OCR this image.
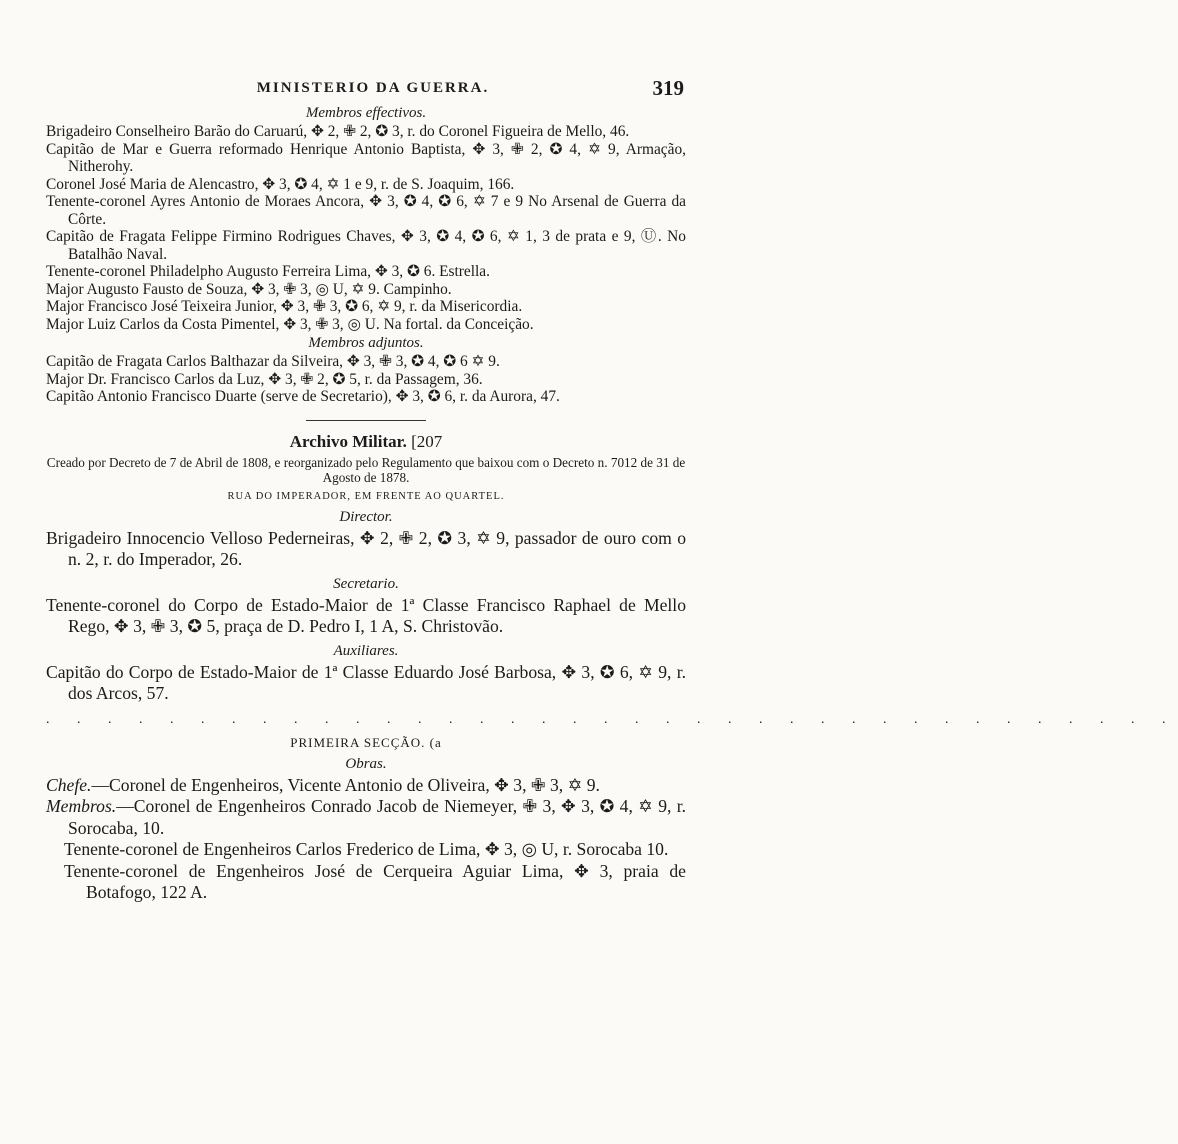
MINISTERIO DA GUERRA.	319

Membros effectivos.

Brigadeiro Conselheiro Barão do Caruarú, ✥ 2, ✙ 2, ✪ 3, r. do Coronel Figueira de Mello, 46.

Capitão de Mar e Guerra reformado Henrique Antonio Baptista, ✥ 3, ✙ 2, ✪ 4, ✡ 9, Armação, Nitherohy.

Coronel José Maria de Alencastro, ✥ 3, ✪ 4, ✡ 1 e 9, r. de S. Joaquim, 166.

Tenente-coronel Ayres Antonio de Moraes Ancora, ✥ 3, ✪ 4, ✪ 6, ✡ 7 e 9 No Arsenal de Guerra da Côrte.

Capitão de Fragata Felippe Firmino Rodrigues Chaves, ✥ 3, ✪ 4, ✪ 6, ✡ 1, 3 de prata e 9, Ⓤ. No Batalhão Naval.

Tenente-coronel Philadelpho Augusto Ferreira Lima, ✥ 3, ✪ 6. Estrella.

Major Augusto Fausto de Souza, ✥ 3, ✙ 3, ◎ U, ✡ 9. Campinho.

Major Francisco José Teixeira Junior, ✥ 3, ✙ 3, ✪ 6, ✡ 9, r. da Misericordia.

Major Luiz Carlos da Costa Pimentel, ✥ 3, ✙ 3, ◎ U. Na fortal. da Conceição.

Membros adjuntos.

Capitão de Fragata Carlos Balthazar da Silveira, ✥ 3, ✙ 3, ✪ 4, ✪ 6 ✡ 9.

Major Dr. Francisco Carlos da Luz, ✥ 3, ✙ 2, ✪ 5, r. da Passagem, 36.

Capitão Antonio Francisco Duarte (serve de Secretario), ✥ 3, ✪ 6, r. da Aurora, 47.

Archivo Militar. [207

Creado por Decreto de 7 de Abril de 1808, e reorganizado pelo Regulamento que baixou com o Decreto n. 7012 de 31 de Agosto de 1878.

RUA DO IMPERADOR, EM FRENTE AO QUARTEL.

Director.

Brigadeiro Innocencio Velloso Pederneiras, ✥ 2, ✙ 2, ✪ 3, ✡ 9, passador de ouro com o n. 2, r. do Imperador, 26.

Secretario.

Tenente-coronel do Corpo de Estado-Maior de 1ª Classe Francisco Raphael de Mello Rego, ✥ 3, ✙ 3, ✪ 5, praça de D. Pedro I, 1 A, S. Christovão.

Auxiliares.

Capitão do Corpo de Estado-Maior de 1ª Classe Eduardo José Barbosa, ✥ 3, ✪ 6, ✡ 9, r. dos Arcos, 57.

. . . . . . . . . . . . . . . . . . . . . . . . . . . . . . . . . . . . .

PRIMEIRA SECÇÃO. (a

Obras.

Chefe.—Coronel de Engenheiros, Vicente Antonio de Oliveira, ✥ 3, ✙ 3, ✡ 9.

Membros.—Coronel de Engenheiros Conrado Jacob de Niemeyer, ✙ 3, ✥ 3, ✪ 4, ✡ 9, r. Sorocaba, 10.

Tenente-coronel de Engenheiros Carlos Frederico de Lima, ✥ 3, ◎ U, r. Sorocaba 10.

Tenente-coronel de Engenheiros José de Cerqueira Aguiar Lima, ✥ 3, praia de Botafogo, 122 A.
